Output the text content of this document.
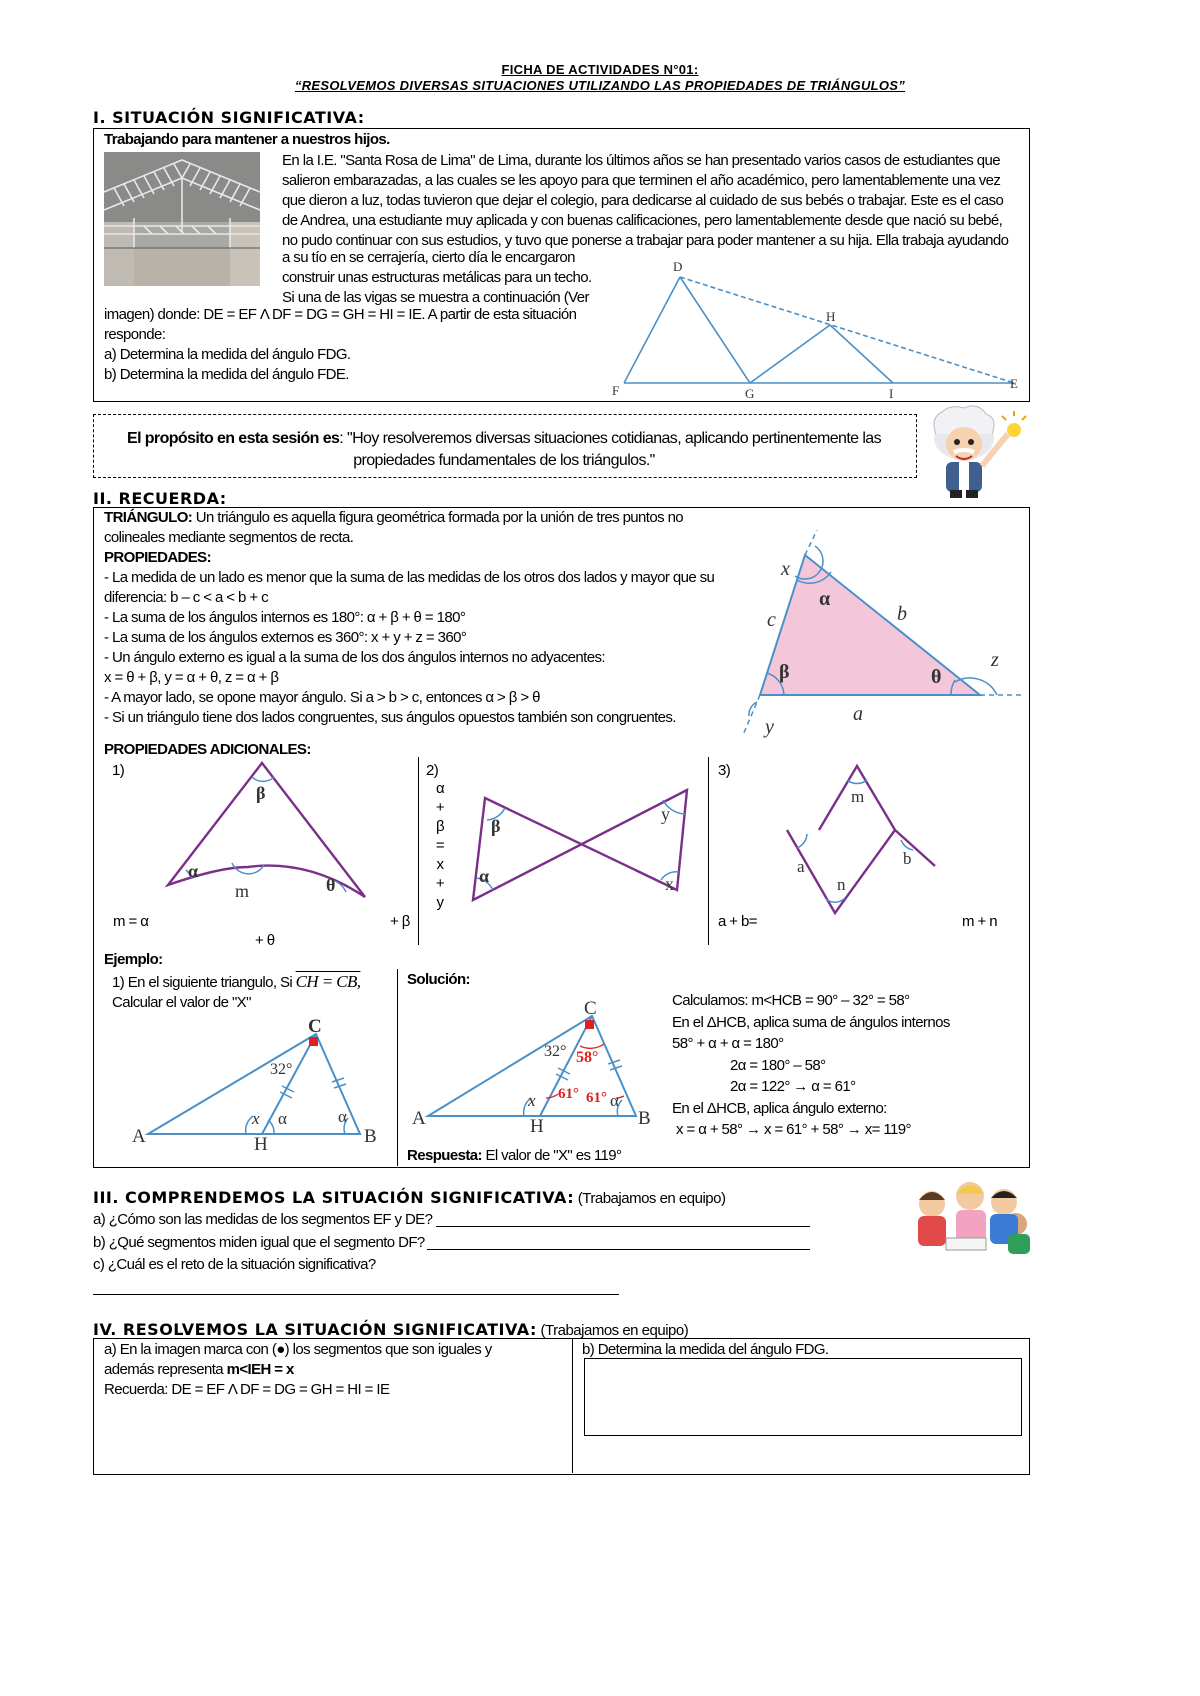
FICHA DE ACTIVIDADES N°01:
“RESOLVEMOS DIVERSAS SITUACIONES UTILIZANDO LAS PROPIEDADES DE TRIÁNGULOS”
I. SITUACIÓN SIGNIFICATIVA:
Trabajando para mantener a nuestros hijos.

En la I.E. "Santa Rosa de Lima" de Lima, durante los últimos años se han presentado varios casos de estudiantes que

salieron embarazadas, a las cuales se les apoyo para que terminen el año académico, pero lamentablemente una vez

que dieron a luz, todas tuvieron que dejar el colegio, para dedicarse al cuidado de sus bebés o trabajar. Este es el caso

de Andrea, una estudiante muy aplicada y con buenas calificaciones, pero lamentablemente desde que nació su bebé,

no pudo continuar con sus estudios, y tuvo que ponerse a trabajar para poder mantener a su hija. Ella trabaja ayudando

a su tío en se cerrajería, cierto día le encargaron

construir unas estructuras metálicas para un techo.

Si una de las vigas se muestra a continuación (Ver

imagen) donde: DE = EF Λ DF = DG = GH = HI = IE. A partir de esta situación

responde:

a) Determina la medida del ángulo FDG.

b) Determina la medida del ángulo FDE.

D
H
F	G	I
E

El propósito en esta sesión es: "Hoy resolveremos diversas situaciones cotidianas, aplicando pertinentemente las

propiedades fundamentales de los triángulos."

II. RECUERDA:

TRIÁNGULO: Un triángulo es aquella figura geométrica formada por la unión de tres puntos no

colineales mediante segmentos de recta.

PROPIEDADES:

- La medida de un lado es menor que la suma de las medidas de los otros dos lados y mayor que su

diferencia: b – c < a < b + c

- La suma de los ángulos internos es 180°: α + β + θ = 180°

- La suma de los ángulos externos es 360°: x + y + z = 360°

- Un ángulo externo es igual a la suma de los dos ángulos internos no adyacentes:

x = θ + β, y = α + θ, z = α + β

- A mayor lado, se opone mayor ángulo. Si a > b > c, entonces α > β > θ

- Si un triángulo tiene dos lados congruentes, sus ángulos opuestos también son congruentes.

x
α
b
c
z
β	θ
y
a
PROPIEDADES ADICIONALES:
1)
β
α
m	θ
m = α	+ β
+ θ
2)

α

+

β

=

x

+

y

β
y
α	x
3)
m
a	b
n
a + b=	m + n
Ejemplo:

1) En el siguiente triangulo, Si CH = CB,

Calcular el valor de "X"

C
32°
x α	α
A	H	B
Solución:
C
32° 58°
61° 61°
x	α
A	H	B
Respuesta: El valor de "X" es 119°

Calculamos: m<HCB = 90° – 32° = 58°

En el ΔHCB, aplica suma de ángulos internos

58° + α + α = 180°

2α = 180° – 58°

2α = 122° → α = 61°

En el ΔHCB, aplica ángulo externo:

x = α + 58° → x = 61° + 58° → x= 119°

III. COMPRENDEMOS LA SITUACIÓN SIGNIFICATIVA: (Trabajamos en equipo)
a) ¿Cómo son las medidas de los segmentos EF y DE?
b) ¿Qué segmentos miden igual que el segmento DF?
c) ¿Cuál es el reto de la situación significativa?
IV. RESOLVEMOS LA SITUACIÓN SIGNIFICATIVA: (Trabajamos en equipo)

a) En la imagen marca con (●) los segmentos que son iguales y

además representa m<IEH = x

Recuerda: DE = EF Λ DF = DG = GH = HI = IE

b) Determina la medida del ángulo FDG.
